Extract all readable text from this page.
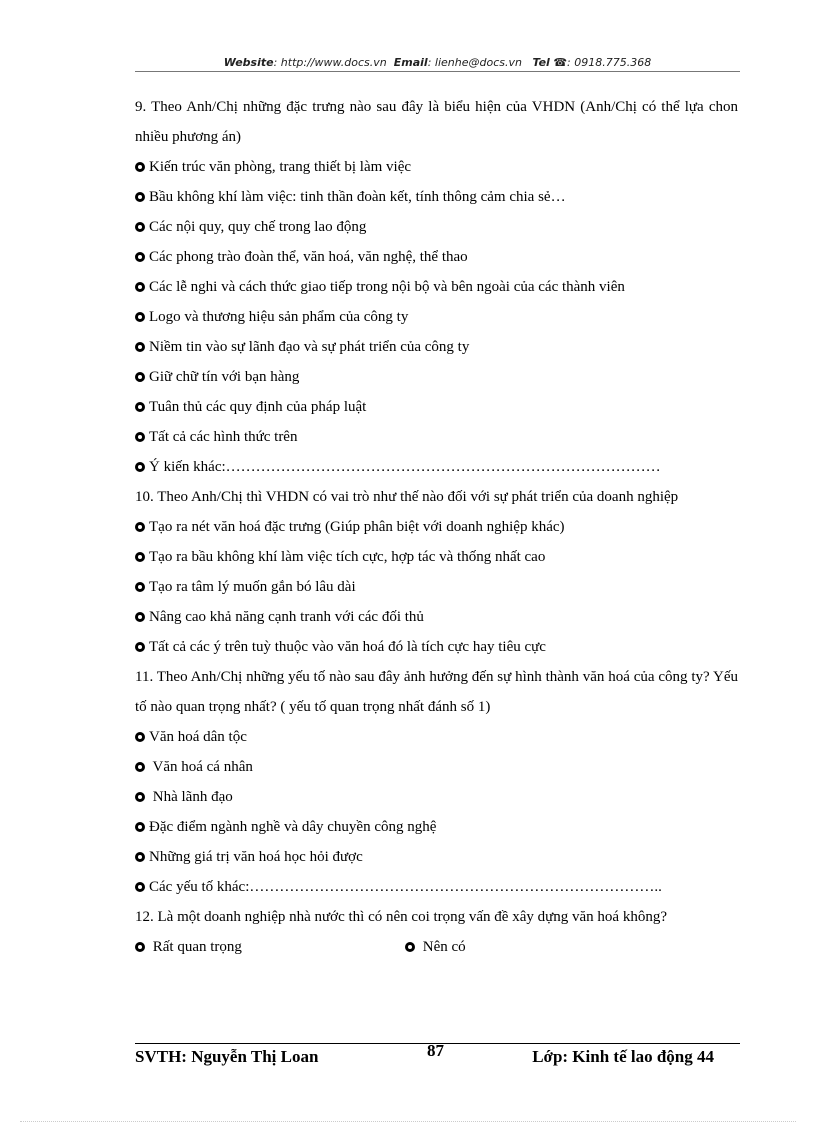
Website: http://www.docs.vn Email: lienhe@docs.vn Tel ☎: 0918.775.368
9. Theo Anh/Chị những đặc trưng nào sau đây là biểu hiện của VHDN (Anh/Chị có thể lựa chon nhiều phương án)
Kiến trúc văn phòng, trang thiết bị làm việc
Bầu không khí làm việc: tinh thần đoàn kết, tính thông cảm chia sẻ…
Các nội quy, quy chế trong lao động
Các phong trào đoàn thể, văn hoá, văn nghệ, thể thao
Các lễ nghi và cách thức giao tiếp trong nội bộ và bên ngoài của các thành viên
Logo và thương hiệu sản phẩm của công ty
Niềm tin vào sự lãnh đạo và sự phát triển của công ty
Giữ chữ tín với bạn hàng
Tuân thủ các quy định của pháp luật
Tất cả các hình thức trên
Ý kiến khác:……………………………………………………………………………
10. Theo Anh/Chị thì VHDN có vai trò như thế nào đối với sự phát triển của doanh nghiệp
Tạo ra nét văn hoá đặc trưng (Giúp phân biệt với doanh nghiệp khác)
Tạo ra bầu không khí làm việc tích cực, hợp tác và thống nhất cao
Tạo ra tâm lý muốn gắn bó lâu dài
Nâng cao khả năng cạnh tranh với các đối thủ
Tất cả các ý trên tuỳ thuộc vào văn hoá đó là tích cực hay tiêu cực
11. Theo Anh/Chị những yếu tố nào sau đây ảnh hưởng đến sự hình thành văn hoá của công ty? Yếu tố nào quan trọng nhất? ( yếu tố quan trọng nhất đánh số 1)
Văn hoá dân tộc
Văn hoá cá nhân
Nhà lãnh đạo
Đặc điểm ngành nghề và dây chuyền công nghệ
Những giá trị văn hoá học hỏi được
Các yếu tố khác:………………………………………………………………………..
12. Là một doanh nghiệp nhà nước thì có nên coi trọng vấn đề xây dựng văn hoá không?
Rất quan trọng	Nên có
SVTH: Nguyễn Thị Loan	87	Lớp: Kinh tế lao động 44
